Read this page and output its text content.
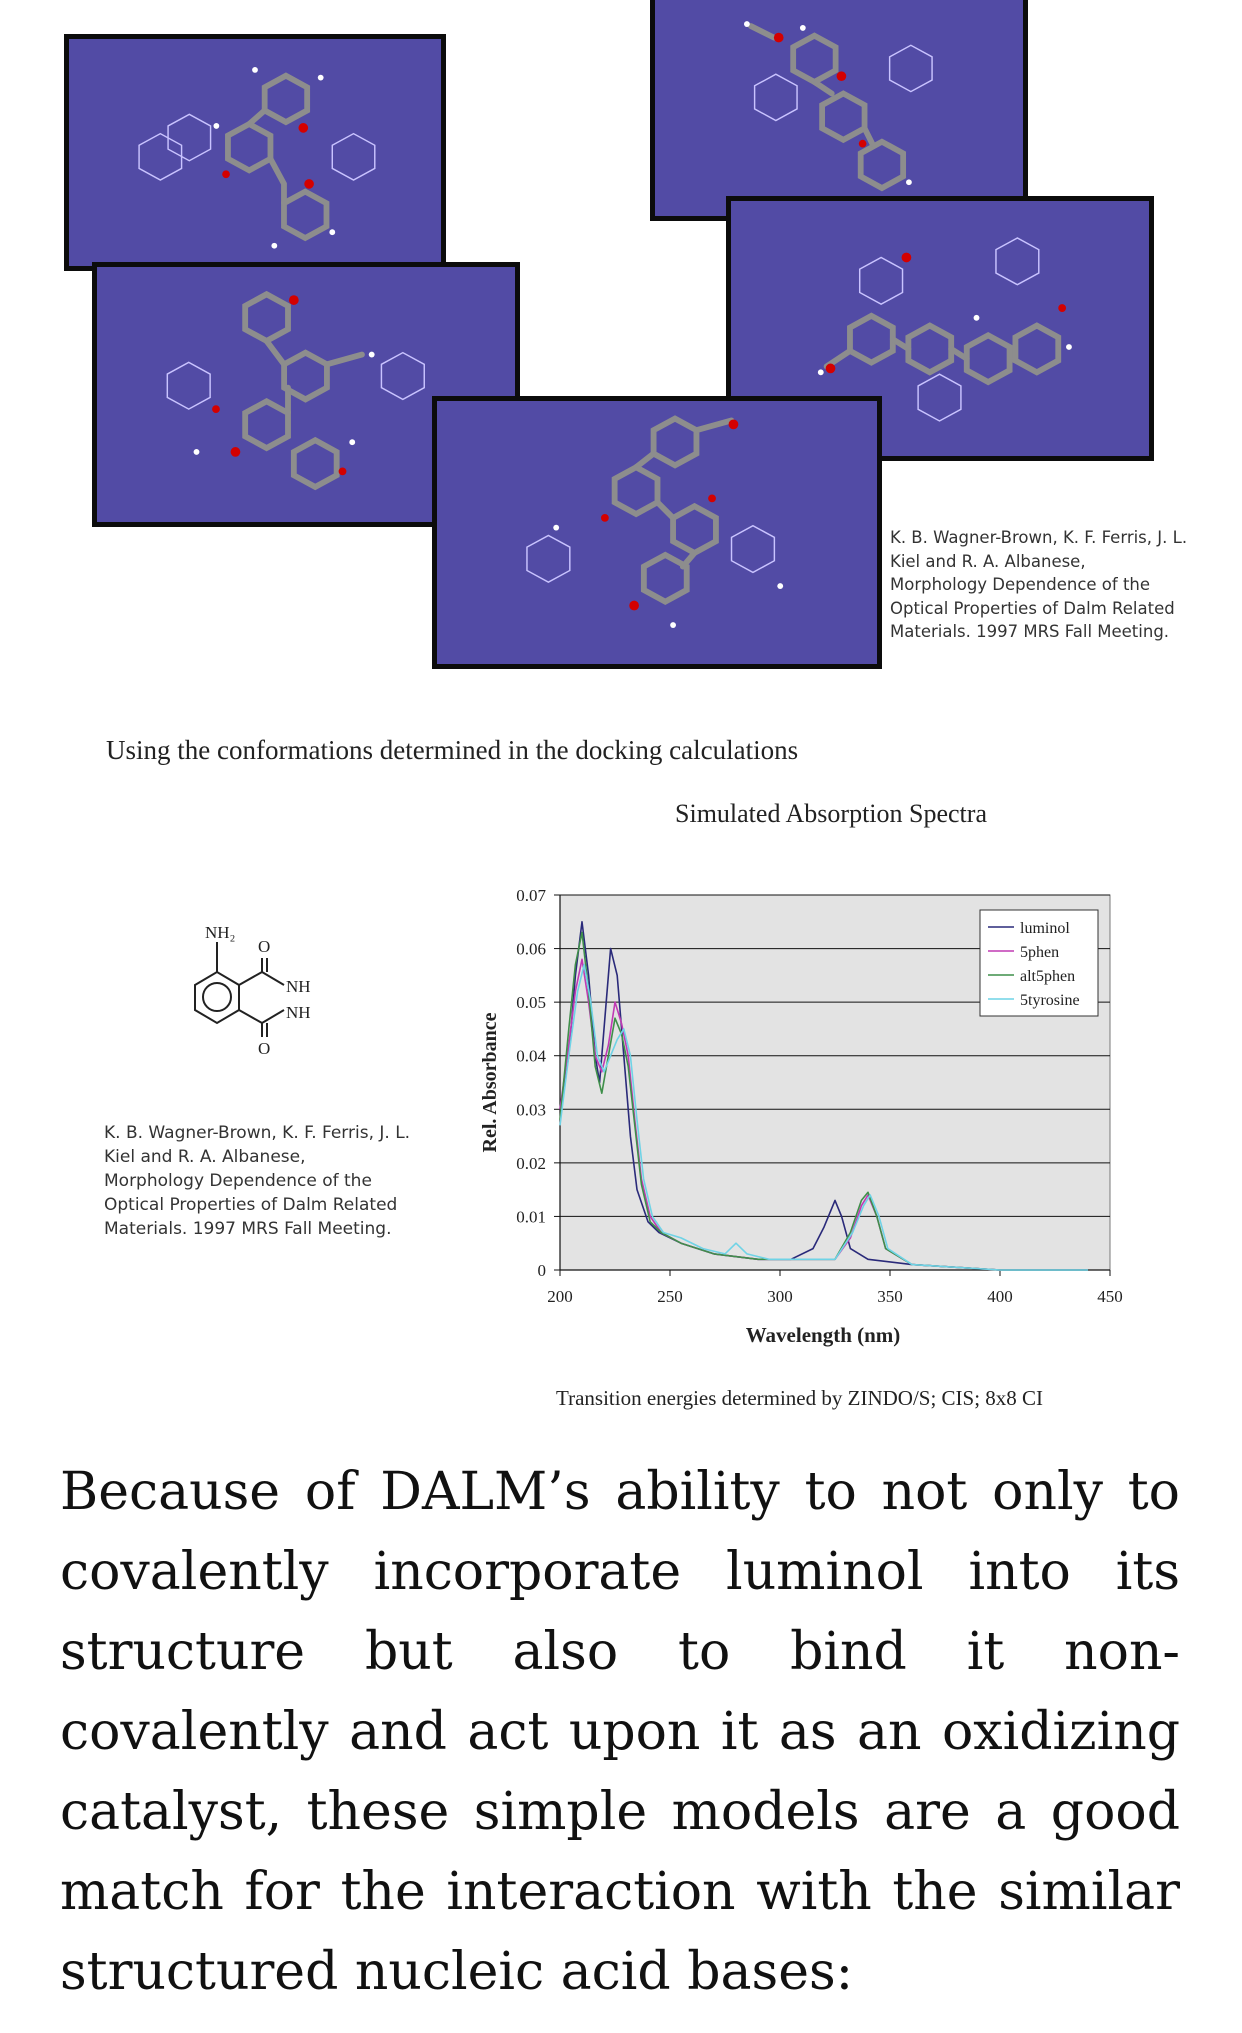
K. B. Wagner-Brown, K. F. Ferris, J. L.
Kiel and R. A. Albanese,
Morphology Dependence of the
Optical Properties of Dalm Related
Materials. 1997 MRS Fall Meeting.
Using the conformations determined in the docking calculations
NH₂
O
NH
NH
O
K. B. Wagner-Brown, K. F. Ferris, J. L.
Kiel and R. A. Albanese,
Morphology Dependence of the
Optical Properties of Dalm Related
Materials. 1997 MRS Fall Meeting.
Simulated Absorption Spectra
Rel. Absorbance
Wavelength (nm)
0
0.01
0.02
0.03
0.04
0.05
0.06
0.07
200	250	300	350	400	450
luminol
5phen
alt5phen
5tyrosine
Transition energies determined by ZINDO/S; CIS; 8x8 CI
Because of DALM’s ability to not only to covalently incorporate luminol into its structure but also to bind it non-covalently and act upon it as an oxidizing catalyst, these simple models are a good match for the interaction with the similar structured nucleic acid bases:
